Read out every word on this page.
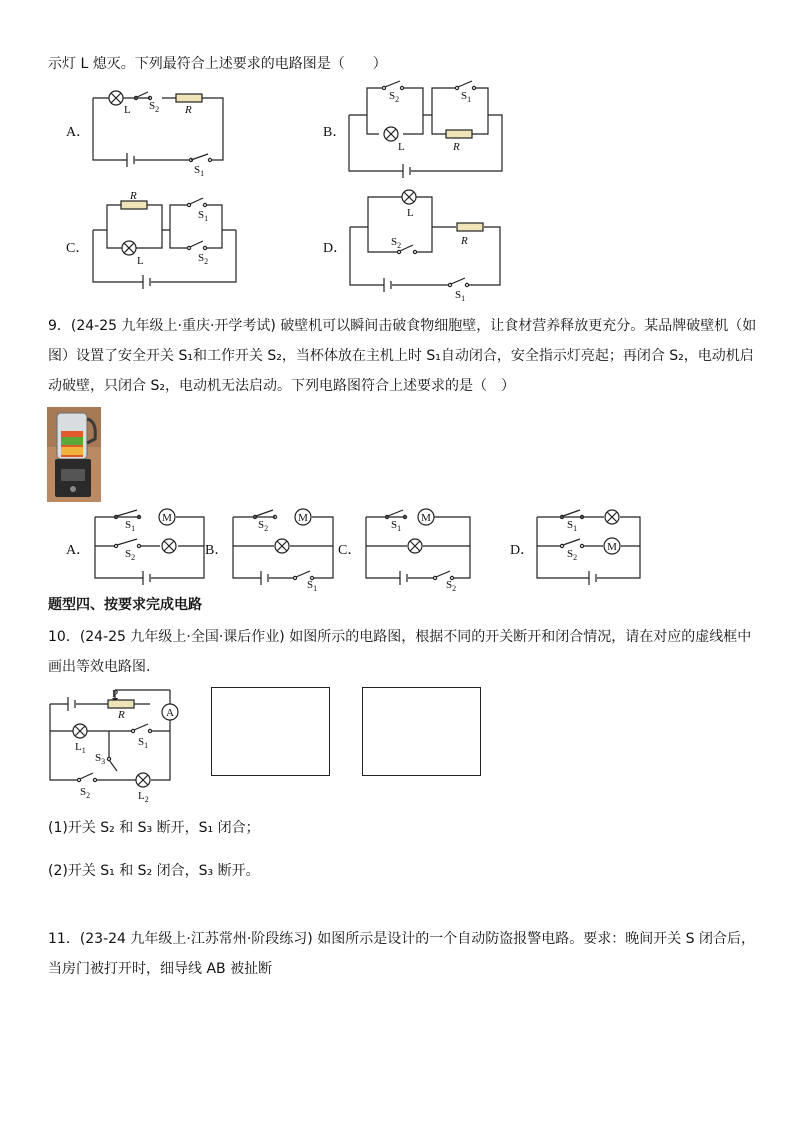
示灯 L 熄灭。下列最符合上述要求的电路图是（　　）
A．	B．
C．	D．
9．(24-25 九年级上·重庆·开学考试) 破壁机可以瞬间击破食物细胞壁，让食材营养释放更充分。某品牌破壁机（如
图）设置了安全开关 S₁和工作开关 S₂，当杯体放在主机上时 S₁自动闭合，安全指示灯亮起；再闭合 S₂，电动机启
动破壁，只闭合 S₂，电动机无法启动。下列电路图符合上述要求的是（　）
A．	B．	C．	D．
题型四、按要求完成电路
10．(24-25 九年级上·全国·课后作业) 如图所示的电路图，根据不同的开关断开和闭合情况，请在对应的虚线框中
画出等效电路图.
(1)开关 S₂ 和 S₃ 断开，S₁ 闭合；
(2)开关 S₁ 和 S₂ 闭合，S₃ 断开。
11．(23-24 九年级上·江苏常州·阶段练习) 如图所示是设计的一个自动防盗报警电路。要求：晚间开关 S 闭合后，
当房门被打开时，细导线 AB 被扯断
M	M	M
M
A
L	R
$S_2$
$S_1$
$S_2$	$S_1$
L	R
R
$S_1$
L	$S_2$
L
R
$S_2$
$S_1$
$S_1$
$S_2$
$S_2$
$S_1$
$S_1$
$S_2$
$S_1$
$S_2$
P
R
$L_1$
$S_1$
$S_3$
$S_2$	$L_2$
